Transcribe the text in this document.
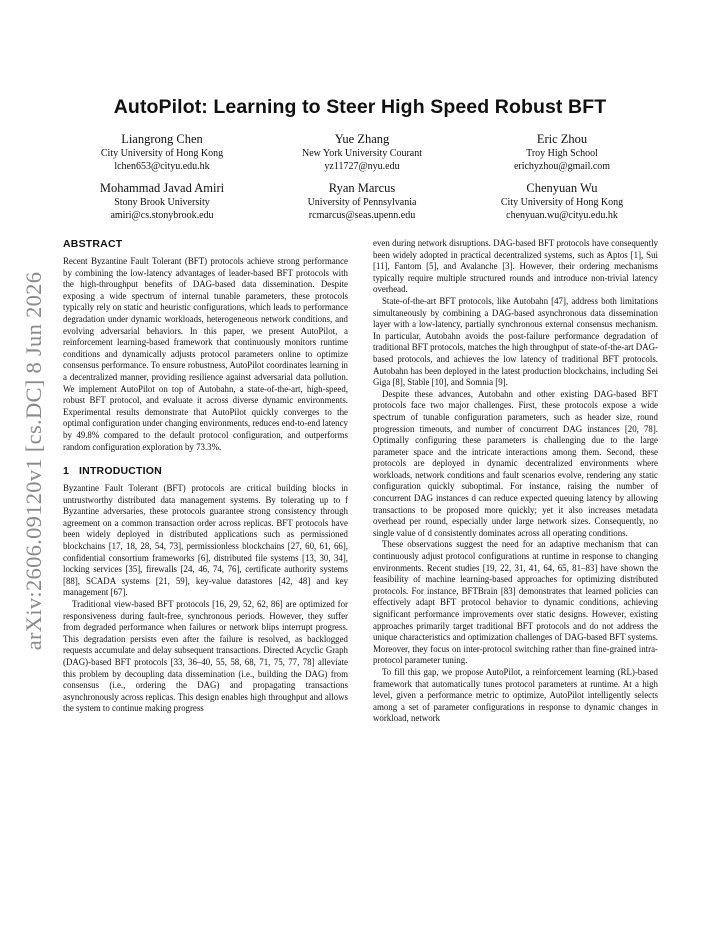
arXiv:2606.09120v1 [cs.DC] 8 Jun 2026
AutoPilot: Learning to Steer High Speed Robust BFT
Liangrong Chen
City University of Hong Kong
lchen653@cityu.edu.hk
Yue Zhang
New York University Courant
yz11727@nyu.edu
Eric Zhou
Troy High School
erichyzhou@gmail.com
Mohammad Javad Amiri
Stony Brook University
amiri@cs.stonybrook.edu
Ryan Marcus
University of Pennsylvania
rcmarcus@seas.upenn.edu
Chenyuan Wu
City University of Hong Kong
chenyuan.wu@cityu.edu.hk
ABSTRACT

Recent Byzantine Fault Tolerant (BFT) protocols achieve strong performance by combining the low-latency advantages of leader-based BFT protocols with the high-throughput benefits of DAG-based data dissemination. Despite exposing a wide spectrum of internal tunable parameters, these protocols typically rely on static and heuristic configurations, which leads to performance degradation under dynamic workloads, heterogeneous network conditions, and evolving adversarial behaviors. In this paper, we present AutoPilot, a reinforcement learning-based framework that continuously monitors runtime conditions and dynamically adjusts protocol parameters online to optimize consensus performance. To ensure robustness, AutoPilot coordinates learning in a decentralized manner, providing resilience against adversarial data pollution. We implement AutoPilot on top of Autobahn, a state-of-the-art, high-speed, robust BFT protocol, and evaluate it across diverse dynamic environments. Experimental results demonstrate that AutoPilot quickly converges to the optimal configuration under changing environments, reduces end-to-end latency by 49.8% compared to the default protocol configuration, and outperforms random configuration exploration by 73.3%.

1 INTRODUCTION

Byzantine Fault Tolerant (BFT) protocols are critical building blocks in untrustworthy distributed data management systems. By tolerating up to f Byzantine adversaries, these protocols guarantee strong consistency through agreement on a common transaction order across replicas. BFT protocols have been widely deployed in distributed applications such as permissioned blockchains [17, 18, 28, 54, 73], permissionless blockchains [27, 60, 61, 66], confidential consortium frameworks [6], distributed file systems [13, 30, 34], locking services [35], firewalls [24, 46, 74, 76], certificate authority systems [88], SCADA systems [21, 59], key-value datastores [42, 48] and key management [67].

Traditional view-based BFT protocols [16, 29, 52, 62, 86] are optimized for responsiveness during fault-free, synchronous periods. However, they suffer from degraded performance when failures or network blips interrupt progress. This degradation persists even after the failure is resolved, as backlogged requests accumulate and delay subsequent transactions. Directed Acyclic Graph (DAG)-based BFT protocols [33, 36–40, 55, 58, 68, 71, 75, 77, 78] alleviate this problem by decoupling data dissemination (i.e., building the DAG) from consensus (i.e., ordering the DAG) and propagating transactions asynchronously across replicas. This design enables high throughput and allows the system to continue making progress

even during network disruptions. DAG-based BFT protocols have consequently been widely adopted in practical decentralized systems, such as Aptos [1], Sui [11], Fantom [5], and Avalanche [3]. However, their ordering mechanisms typically require multiple structured rounds and introduce non-trivial latency overhead.

State-of-the-art BFT protocols, like Autobahn [47], address both limitations simultaneously by combining a DAG-based asynchronous data dissemination layer with a low-latency, partially synchronous external consensus mechanism. In particular, Autobahn avoids the post-failure performance degradation of traditional BFT protocols, matches the high throughput of state-of-the-art DAG-based protocols, and achieves the low latency of traditional BFT protocols. Autobahn has been deployed in the latest production blockchains, including Sei Giga [8], Stable [10], and Somnia [9].

Despite these advances, Autobahn and other existing DAG-based BFT protocols face two major challenges. First, these protocols expose a wide spectrum of tunable configuration parameters, such as header size, round progression timeouts, and number of concurrent DAG instances [20, 78]. Optimally configuring these parameters is challenging due to the large parameter space and the intricate interactions among them. Second, these protocols are deployed in dynamic decentralized environments where workloads, network conditions and fault scenarios evolve, rendering any static configuration quickly suboptimal. For instance, raising the number of concurrent DAG instances d can reduce expected queuing latency by allowing transactions to be proposed more quickly; yet it also increases metadata overhead per round, especially under large network sizes. Consequently, no single value of d consistently dominates across all operating conditions.

These observations suggest the need for an adaptive mechanism that can continuously adjust protocol configurations at runtime in response to changing environments. Recent studies [19, 22, 31, 41, 64, 65, 81–83] have shown the feasibility of machine learning-based approaches for optimizing distributed protocols. For instance, BFTBrain [83] demonstrates that learned policies can effectively adapt BFT protocol behavior to dynamic conditions, achieving significant performance improvements over static designs. However, existing approaches primarily target traditional BFT protocols and do not address the unique characteristics and optimization challenges of DAG-based BFT systems. Moreover, they focus on inter-protocol switching rather than fine-grained intra-protocol parameter tuning.

To fill this gap, we propose AutoPilot, a reinforcement learning (RL)-based framework that automatically tunes protocol parameters at runtime. At a high level, given a performance metric to optimize, AutoPilot intelligently selects among a set of parameter configurations in response to dynamic changes in workload, network
